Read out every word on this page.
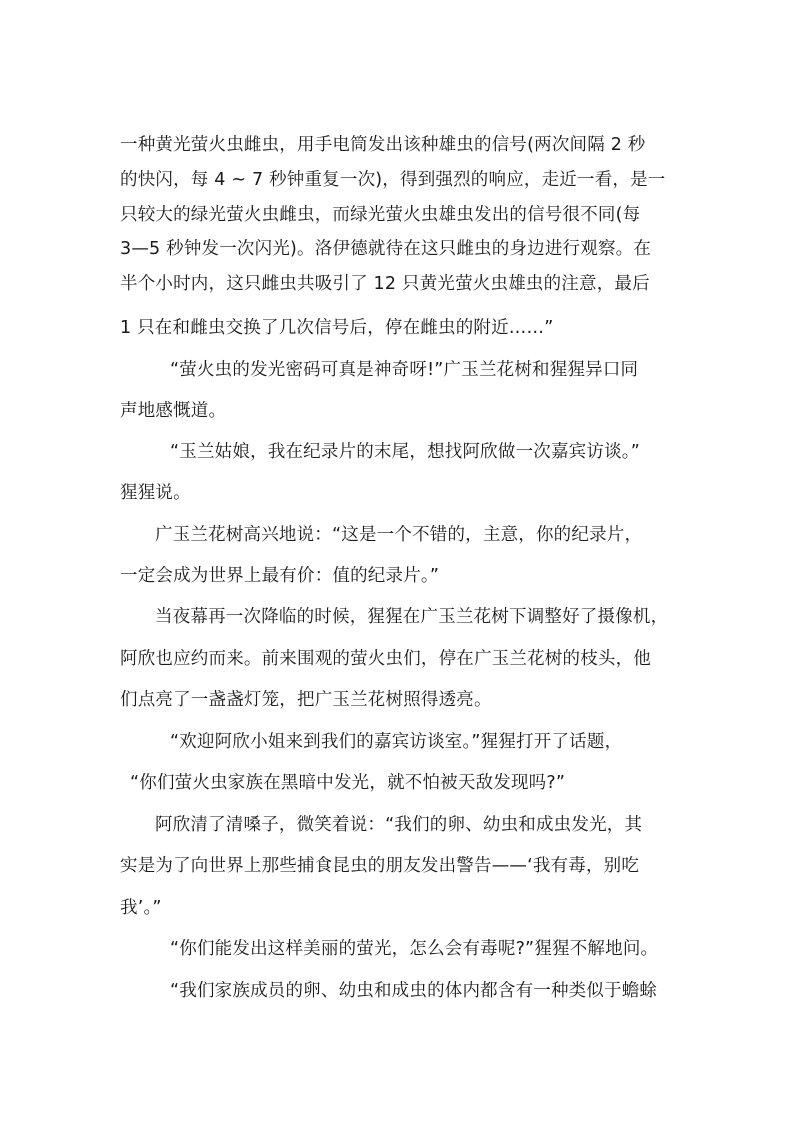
一种黄光萤火虫雌虫，用手电筒发出该种雄虫的信号(两次间隔 2 秒
的快闪，每 4 ~ 7 秒钟重复一次)，得到强烈的响应，走近一看，是一
只较大的绿光萤火虫雌虫，而绿光萤火虫雄虫发出的信号很不同(每
3—5 秒钟发一次闪光)。洛伊德就待在这只雌虫的身边进行观察。在
半个小时内，这只雌虫共吸引了 12 只黄光萤火虫雄虫的注意，最后
1 只在和雌虫交换了几次信号后，停在雌虫的附近……”
“萤火虫的发光密码可真是神奇呀!”广玉兰花树和猩猩异口同
声地感慨道。
“玉兰姑娘，我在纪录片的末尾，想找阿欣做一次嘉宾访谈。”
猩猩说。
广玉兰花树高兴地说：“这是一个不错的，主意，你的纪录片，
一定会成为世界上最有价：值的纪录片。”
当夜幕再一次降临的时候，猩猩在广玉兰花树下调整好了摄像机，
阿欣也应约而来。前来围观的萤火虫们，停在广玉兰花树的枝头，他
们点亮了一盏盏灯笼，把广玉兰花树照得透亮。
“欢迎阿欣小姐来到我们的嘉宾访谈室。”猩猩打开了话题，
“你们萤火虫家族在黑暗中发光，就不怕被天敌发现吗?”
阿欣清了清嗓子，微笑着说：“我们的卵、幼虫和成虫发光，其
实是为了向世界上那些捕食昆虫的朋友发出警告——‘我有毒，别吃
我’。”
“你们能发出这样美丽的萤光，怎么会有毒呢?”猩猩不解地问。
“我们家族成员的卵、幼虫和成虫的体内都含有一种类似于蟾蜍
